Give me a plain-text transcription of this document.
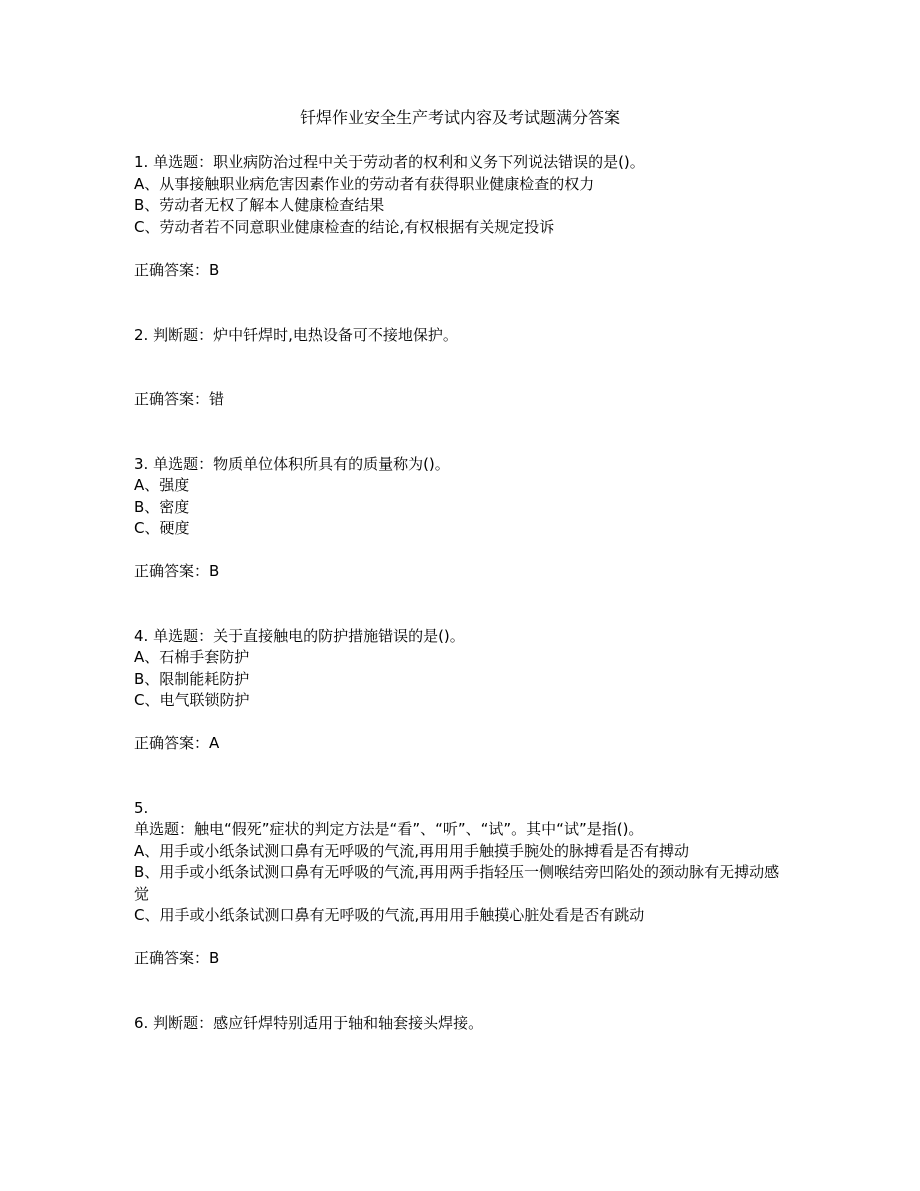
钎焊作业安全生产考试内容及考试题满分答案
1. 单选题：职业病防治过程中关于劳动者的权利和义务下列说法错误的是()。
A、从事接触职业病危害因素作业的劳动者有获得职业健康检查的权力
B、劳动者无权了解本人健康检查结果
C、劳动者若不同意职业健康检查的结论,有权根据有关规定投诉
正确答案：B
2. 判断题：炉中钎焊时,电热设备可不接地保护。
正确答案：错
3. 单选题：物质单位体积所具有的质量称为()。
A、强度
B、密度
C、硬度
正确答案：B
4. 单选题：关于直接触电的防护措施错误的是()。
A、石棉手套防护
B、限制能耗防护
C、电气联锁防护
正确答案：A
5.
单选题：触电“假死”症状的判定方法是“看”、“听”、“试”。其中“试”是指()。
A、用手或小纸条试测口鼻有无呼吸的气流,再用用手触摸手腕处的脉搏看是否有搏动
B、用手或小纸条试测口鼻有无呼吸的气流,再用两手指轻压一侧喉结旁凹陷处的颈动脉有无搏动感觉
C、用手或小纸条试测口鼻有无呼吸的气流,再用用手触摸心脏处看是否有跳动
正确答案：B
6. 判断题：感应钎焊特别适用于轴和轴套接头焊接。
